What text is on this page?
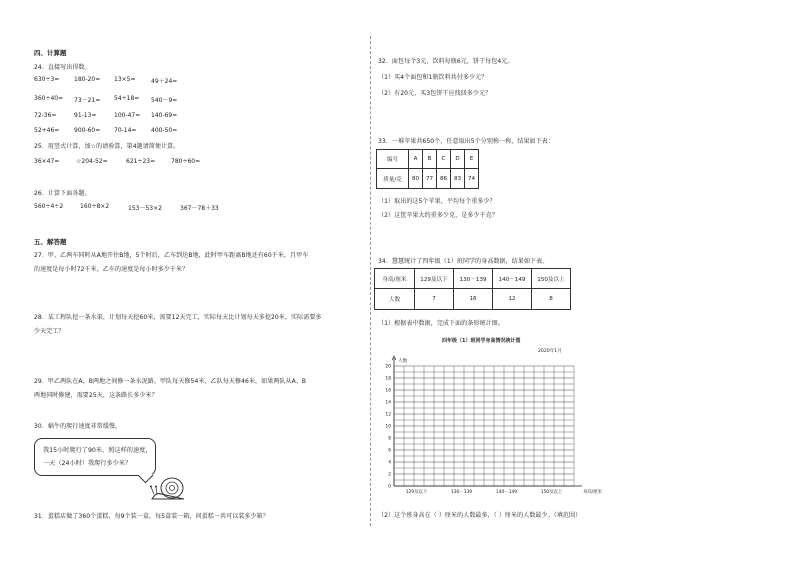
四、计算题
24．直接写出得数。
630÷3=	180-20=	13×5=	49＋24=
360÷40=	73－21=	54÷18=	540－9=
72-36=	91-13=	100-47=	140-69=
52+46=	900-60=	70-14=	400-50=
25．用竖式计算，加☆的请验算，第4题请简便计算。
36×47=	☆204-52=	621÷23=	780÷60=
26．计算下面各题。
560÷4÷2	160÷8×2	153－53×2	367－78＋33
五、解答题
27．甲、乙两车同时从A地开往B地，5个时后，乙车到达B地，此时甲车距离B地还有60千米，且甲车
的速度是每小时72千米，乙车的速度是每小时多少千米？
28．某工程队挖一条水渠，计划每天挖60米，需要12天完工，实际每天比计划每天多挖20米，实际需要多
少天完工？
29．甲乙两队在A、B两地之间修一条水泥路，甲队每天修54米，乙队每天修46米，如果两队从A、B
两地同时修建，需要25天，这条路长多少米？
30．蜗牛的爬行速度非常缓慢。
我15小时爬行了90米。照这样的速度，
一天（24小时）我爬行多少米？
31．蛋糕店做了360个蛋糕，每9个装一盒，每5盒装一箱，问蛋糕一共可以装多少箱？
32．面包每个3元，饮料每瓶6元，饼干每包4元。
（1）买4个面包和1瓶饮料共付多少元？
（2）有20元，买3包饼干应找回多少元？
33．一堆苹果共650个，任意取出5个分别称一称，结果如下表：
编号	A	B	C	D	E
质量/克	80	77	86	83	74
（1）取出的这5个苹果，平均每个重多少？
（2）这筐苹果大约重多少克，是多少千克？
34．慧慧统计了四年级（1）班同学的身高数据，结果如下表。
身高/厘米	129及以下	130－139	140－149	150及以上
人数	7	16	12	8
（1）根据表中数据，完成下面的条形统计图。
四年级（1）班同学身高情况统计图
2020年1月
人数
0
2
4
6
8
10
12
14
16
18
20
129及以下	130－139	140－149	150及以上	身高/厘米
（2）这个班身高在（ ）厘米的人数最多，（ ）厘米的人数最少。（填范围）
